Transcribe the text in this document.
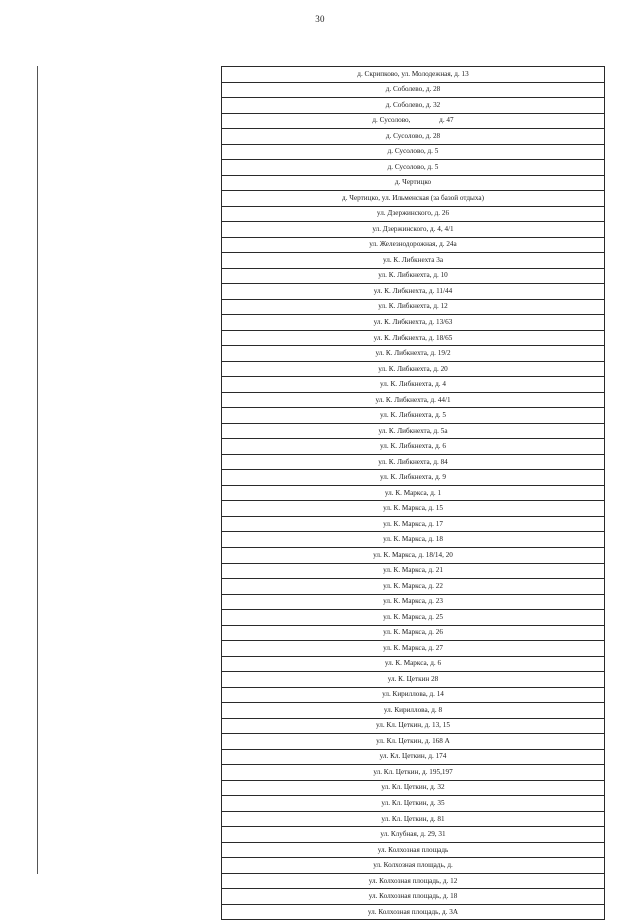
30
д. Скрипково, ул. Молодежная, д. 13
д. Соболево, д. 28
д. Соболево, д. 32
д. Сусолово,                д. 47
д. Сусолово, д. 28
д. Сусолово, д. 5
д. Сусолово, д. 5
д. Чертицко
д. Чертицко, ул. Ильменская (за базой отдыха)
ул. Дзержинского, д. 26
ул. Дзержинского, д. 4, 4/1
ул. Железнодорожная, д. 24а
ул. К. Либкнехта 3а
ул. К. Либкнехта, д. 10
ул. К. Либкнехта, д. 11/44
ул. К. Либкнехта, д. 12
ул. К. Либкнехта, д. 13/63
ул. К. Либкнехта, д. 18/65
ул. К. Либкнехта, д. 19/2
ул. К. Либкнехта, д. 20
ул. К. Либкнехта, д. 4
ул. К. Либкнехта, д. 44/1
ул. К. Либкнехта, д. 5
ул. К. Либкнехта, д. 5а
ул. К. Либкнехта, д. 6
ул. К. Либкнехта, д. 84
ул. К. Либкнехта, д. 9
ул. К. Маркса, д. 1
ул. К. Маркса, д. 15
ул. К. Маркса, д. 17
ул. К. Маркса, д. 18
ул. К. Маркса, д. 18/14, 20
ул. К. Маркса, д. 21
ул. К. Маркса, д. 22
ул. К. Маркса, д. 23
ул. К. Маркса, д. 25
ул. К. Маркса, д. 26
ул. К. Маркса, д. 27
ул. К. Маркса, д. 6
ул. К. Цеткин 28
ул. Кириллова, д. 14
ул. Кириллова, д. 8
ул. Кл. Цеткин, д. 13, 15
ул. Кл. Цеткин, д. 168 А
ул. Кл. Цеткин, д. 174
ул. Кл. Цеткин, д. 195,197
ул. Кл. Цеткин, д. 32
ул. Кл. Цеткин, д. 35
ул. Кл. Цеткин, д. 81
ул. Клубная, д. 29, 31
ул. Колхозная площадь
ул. Колхозная площадь, д.
ул. Колхозная площадь, д. 12
ул. Колхозная площадь, д. 18
ул. Колхозная площадь, д. 3А
